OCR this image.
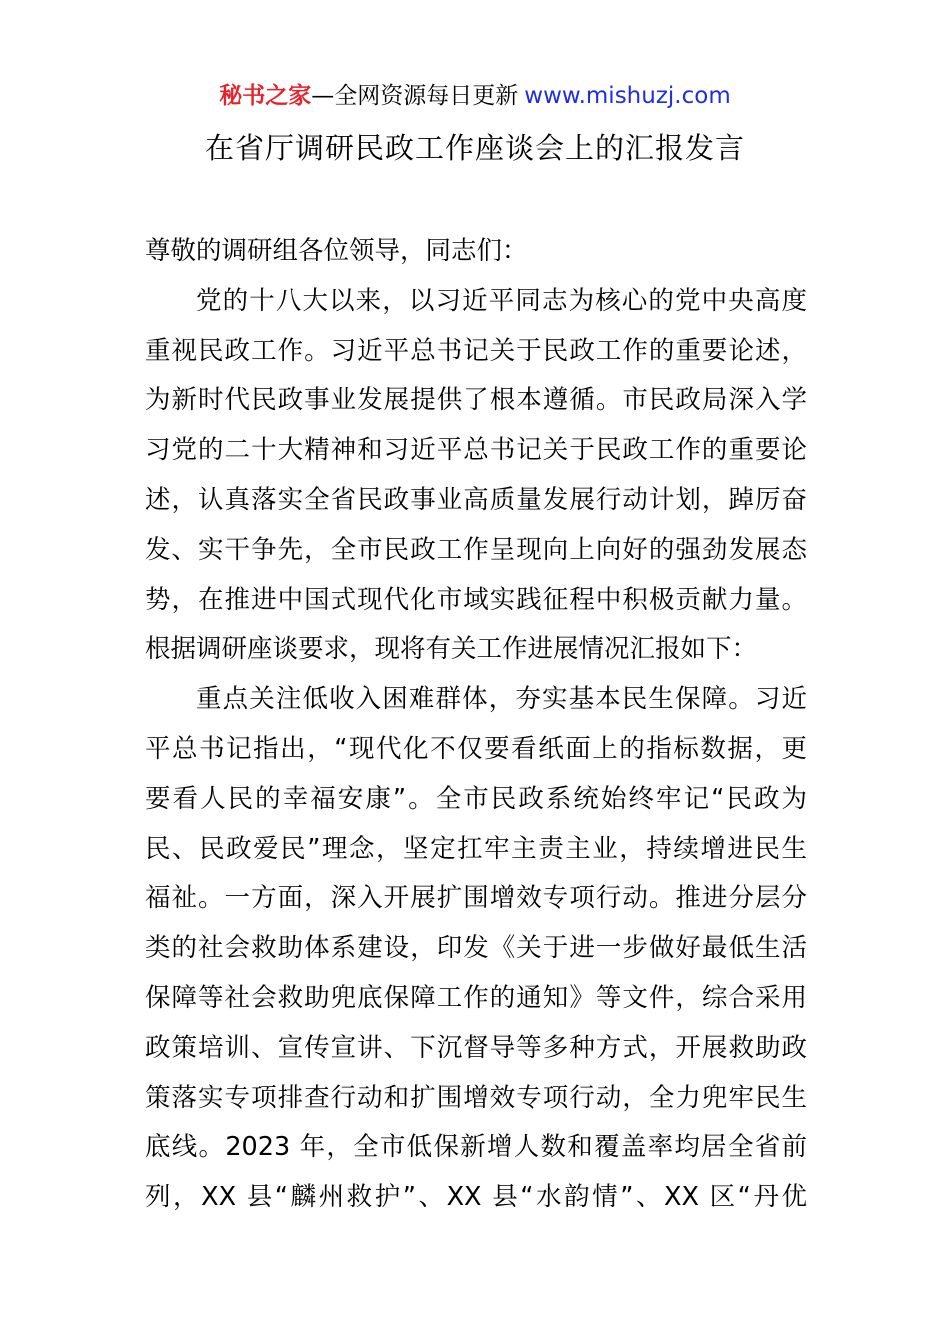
秘书之家—全网资源每日更新 www.mishuzj.com
在省厅调研民政工作座谈会上的汇报发言
尊敬的调研组各位领导，同志们：
党的十八大以来，以习近平同志为核心的党中央高度
重视民政工作。习近平总书记关于民政工作的重要论述，
为新时代民政事业发展提供了根本遵循。市民政局深入学
习党的二十大精神和习近平总书记关于民政工作的重要论
述，认真落实全省民政事业高质量发展行动计划，踔厉奋
发、实干争先，全市民政工作呈现向上向好的强劲发展态
势，在推进中国式现代化市域实践征程中积极贡献力量。
根据调研座谈要求，现将有关工作进展情况汇报如下：
重点关注低收入困难群体，夯实基本民生保障。习近
平总书记指出，“现代化不仅要看纸面上的指标数据，更
要看人民的幸福安康”。全市民政系统始终牢记“民政为
民、民政爱民”理念，坚定扛牢主责主业，持续增进民生
福祉。一方面，深入开展扩围增效专项行动。推进分层分
类的社会救助体系建设，印发《关于进一步做好最低生活
保障等社会救助兜底保障工作的通知》等文件，综合采用
政策培训、宣传宣讲、下沉督导等多种方式，开展救助政
策落实专项排查行动和扩围增效专项行动，全力兜牢民生
底线。2023 年，全市低保新增人数和覆盖率均居全省前
列，XX 县“麟州救护”、XX 县“水韵情”、XX 区“丹优
